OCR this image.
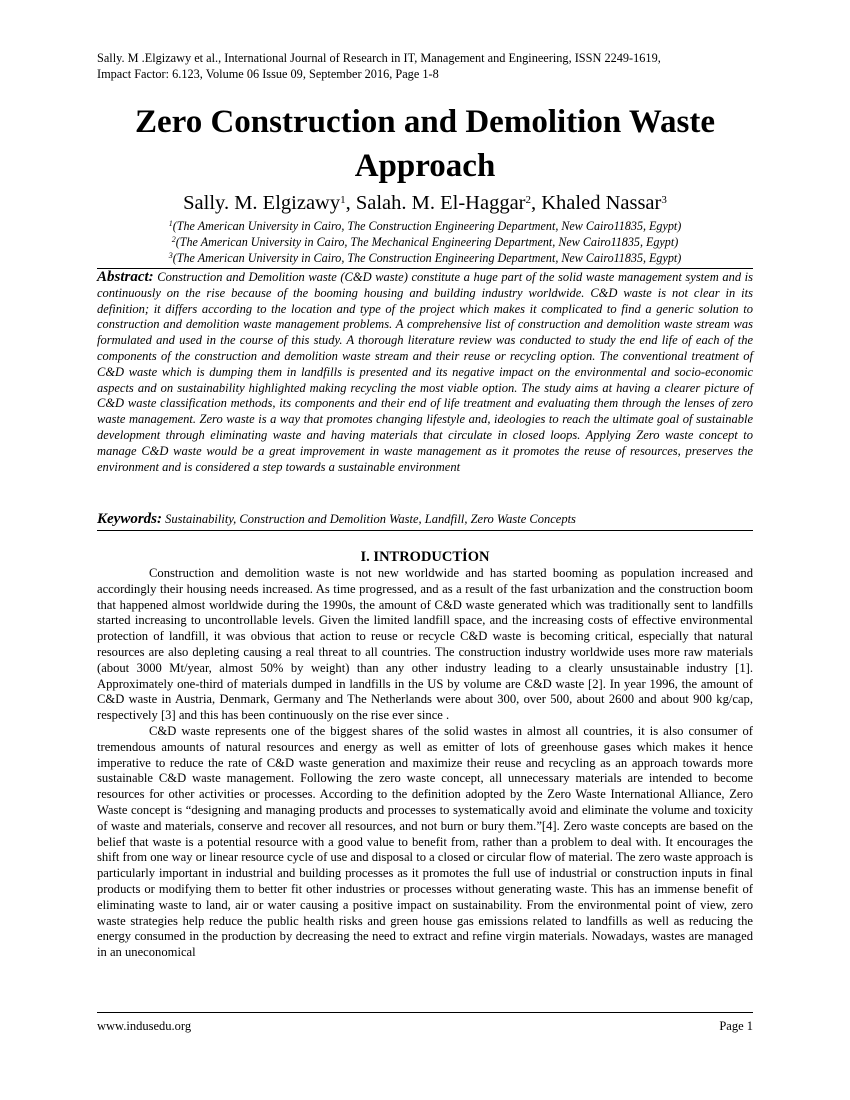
Sally. M .Elgizawy et al., International Journal of Research in IT, Management and Engineering, ISSN 2249-1619,
Impact Factor: 6.123, Volume 06 Issue 09, September 2016, Page 1-8
Zero Construction and Demolition Waste
Approach
Sally. M. Elgizawy$^1$, Salah. M. El-Haggar$^2$, Khaled Nassar$^3$
$^1$(The American University in Cairo, The Construction Engineering Department, New Cairo11835, Egypt)
$^2$(The American University in Cairo, The Mechanical Engineering Department, New Cairo11835, Egypt)
$^3$(The American University in Cairo, The Construction Engineering Department, New Cairo11835, Egypt)
Abstract: Construction and Demolition waste (C&D waste) constitute a huge part of the solid waste management system and is continuously on the rise because of the booming housing and building industry worldwide. C&D waste is not clear in its definition; it differs according to the location and type of the project which makes it complicated to find a generic solution to construction and demolition waste management problems. A comprehensive list of construction and demolition waste stream was formulated and used in the course of this study. A thorough literature review was conducted to study the end life of each of the components of the construction and demolition waste stream and their reuse or recycling option. The conventional treatment of C&D waste which is dumping them in landfills is presented and its negative impact on the environmental and socio-economic aspects and on sustainability highlighted making recycling the most viable option. The study aims at having a clearer picture of C&D waste classification methods, its components and their end of life treatment and evaluating them through the lenses of zero waste management. Zero waste is a way that promotes changing lifestyle and, ideologies to reach the ultimate goal of sustainable development through eliminating waste and having materials that circulate in closed loops. Applying Zero waste concept to manage C&D waste would be a great improvement in waste management as it promotes the reuse of resources, preserves the environment and is considered a step towards a sustainable environment
Keywords: Sustainability, Construction and Demolition Waste, Landfill, Zero Waste Concepts
I. INTRODUCTİON

Construction and demolition waste is not new worldwide and has started booming as population increased and accordingly their housing needs increased. As time progressed, and as a result of the fast urbanization and the construction boom that happened almost worldwide during the 1990s, the amount of C&D waste generated which was traditionally sent to landfills started increasing to uncontrollable levels. Given the limited landfill space, and the increasing costs of effective environmental protection of landfill, it was obvious that action to reuse or recycle C&D waste is becoming critical, especially that natural resources are also depleting causing a real threat to all countries. The construction industry worldwide uses more raw materials (about 3000 Mt/year, almost 50% by weight) than any other industry leading to a clearly unsustainable industry [1]. Approximately one-third of materials dumped in landfills in the US by volume are C&D waste [2]. In year 1996, the amount of C&D waste in Austria, Denmark, Germany and The Netherlands were about 300, over 500, about 2600 and about 900 kg/cap, respectively [3] and this has been continuously on the rise ever since .

C&D waste represents one of the biggest shares of the solid wastes in almost all countries, it is also consumer of tremendous amounts of natural resources and energy as well as emitter of lots of greenhouse gases which makes it hence imperative to reduce the rate of C&D waste generation and maximize their reuse and recycling as an approach towards more sustainable C&D waste management. Following the zero waste concept, all unnecessary materials are intended to become resources for other activities or processes. According to the definition adopted by the Zero Waste International Alliance, Zero Waste concept is “designing and managing products and processes to systematically avoid and eliminate the volume and toxicity of waste and materials, conserve and recover all resources, and not burn or bury them.”[4]. Zero waste concepts are based on the belief that waste is a potential resource with a good value to benefit from, rather than a problem to deal with. It encourages the shift from one way or linear resource cycle of use and disposal to a closed or circular flow of material. The zero waste approach is particularly important in industrial and building processes as it promotes the full use of industrial or construction inputs in final products or modifying them to better fit other industries or processes without generating waste. This has an immense benefit of eliminating waste to land, air or water causing a positive impact on sustainability. From the environmental point of view, zero waste strategies help reduce the public health risks and green house gas emissions related to landfills as well as reducing the energy consumed in the production by decreasing the need to extract and refine virgin materials. Nowadays, wastes are managed in an uneconomical

www.indusedu.org	Page 1
